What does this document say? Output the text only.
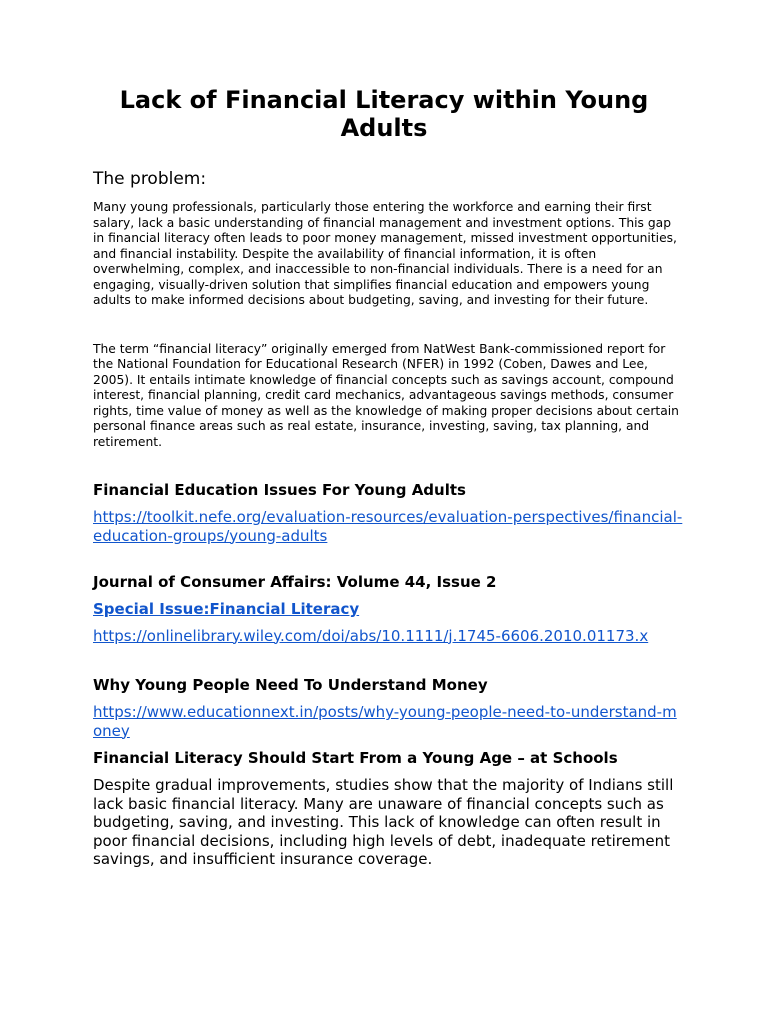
Lack of Financial Literacy within Young Adults
The problem:

Many young professionals, particularly those entering the workforce and earning their first salary, lack a basic understanding of financial management and investment options. This gap in financial literacy often leads to poor money management, missed investment opportunities, and financial instability. Despite the availability of financial information, it is often overwhelming, complex, and inaccessible to non-financial individuals. There is a need for an engaging, visually-driven solution that simplifies financial education and empowers young adults to make informed decisions about budgeting, saving, and investing for their future.

The term “financial literacy” originally emerged from NatWest Bank-commissioned report for the National Foundation for Educational Research (NFER) in 1992 (Coben, Dawes and Lee, 2005). It entails intimate knowledge of financial concepts such as savings account, compound interest, financial planning, credit card mechanics, advantageous savings methods, consumer rights, time value of money as well as the knowledge of making proper decisions about certain personal finance areas such as real estate, insurance, investing, saving, tax planning, and retirement.

Financial Education Issues For Young Adults
https://toolkit.nefe.org/evaluation-resources/evaluation-perspectives/financial-education-groups/young-adults
Journal of Consumer Affairs: Volume 44, Issue 2
Special Issue:Financial Literacy
https://onlinelibrary.wiley.com/doi/abs/10.1111/j.1745-6606.2010.01173.x
Why Young People Need To Understand Money
https://www.educationnext.in/posts/why-young-people-need-to-understand-money
Financial Literacy Should Start From a Young Age – at Schools

Despite gradual improvements, studies show that the majority of Indians still lack basic financial literacy. Many are unaware of financial concepts such as budgeting, saving, and investing. This lack of knowledge can often result in poor financial decisions, including high levels of debt, inadequate retirement savings, and insufficient insurance coverage.
